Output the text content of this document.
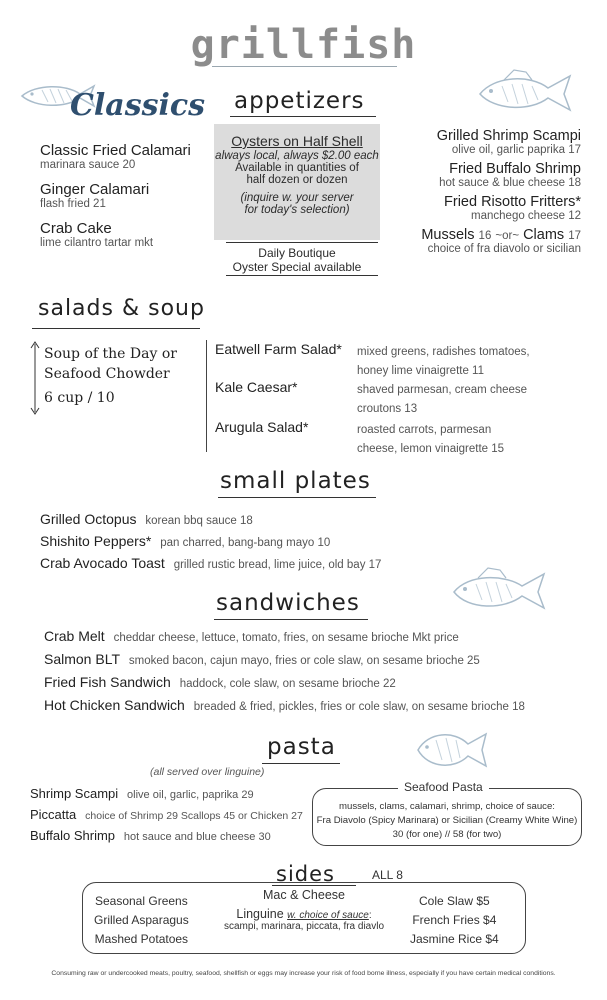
grillfish
Classics
Classic Fried Calamari
marinara sauce 20
Ginger Calamari
flash fried 21
Crab Cake
lime cilantro tartar mkt
appetizers
Oysters on Half Shell
always local, always $2.00 each
Available in quantities of
half dozen or dozen
(inquire w. your server
for today's selection)
Daily Boutique
Oyster Special available
Grilled Shrimp Scampi
olive oil, garlic paprika 17
Fried Buffalo Shrimp
hot sauce & blue cheese 18
Fried Risotto Fritters*
manchego cheese 12
Mussels 16 ~or~ Clams 17
choice of fra diavolo or sicilian
salads & soup
Soup of the Day or
Seafood Chowder
6 cup / 10
Eatwell Farm Salad* mixed greens, radishes tomatoes,
honey lime vinaigrette 11
Kale Caesar*	shaved parmesan, cream cheese
croutons 13
Arugula Salad*	roasted carrots, parmesan
cheese, lemon vinaigrette 15
small plates
Grilled Octopus korean bbq sauce 18
Shishito Peppers* pan charred, bang-bang mayo 10
Crab Avocado Toast grilled rustic bread, lime juice, old bay 17
sandwiches
Crab Melt cheddar cheese, lettuce, tomato, fries, on sesame brioche Mkt price
Salmon BLT smoked bacon, cajun mayo, fries or cole slaw, on sesame brioche 25
Fried Fish Sandwich haddock, cole slaw, on sesame brioche 22
Hot Chicken Sandwich breaded & fried, pickles, fries or cole slaw, on sesame brioche 18
pasta
(all served over linguine)
Shrimp Scampi olive oil, garlic, paprika 29
Piccatta choice of Shrimp 29 Scallops 45 or Chicken 27
Buffalo Shrimp hot sauce and blue cheese 30
Seafood Pasta
mussels, clams, calamari, shrimp, choice of sauce:
Fra Diavolo (Spicy Marinara) or Sicilian (Creamy White Wine)
30 (for one) // 58 (for two)
sides	ALL 8
Seasonal Greens
Grilled Asparagus
Mashed Potatoes
Mac & Cheese
Linguine w. choice of sauce:
scampi, marinara, piccata, fra diavlo
Cole Slaw $5
French Fries $4
Jasmine Rice $4
Consuming raw or undercooked meats, poultry, seafood, shellfish or eggs may increase your risk of food borne illness, especially if you have certain medical conditions.
